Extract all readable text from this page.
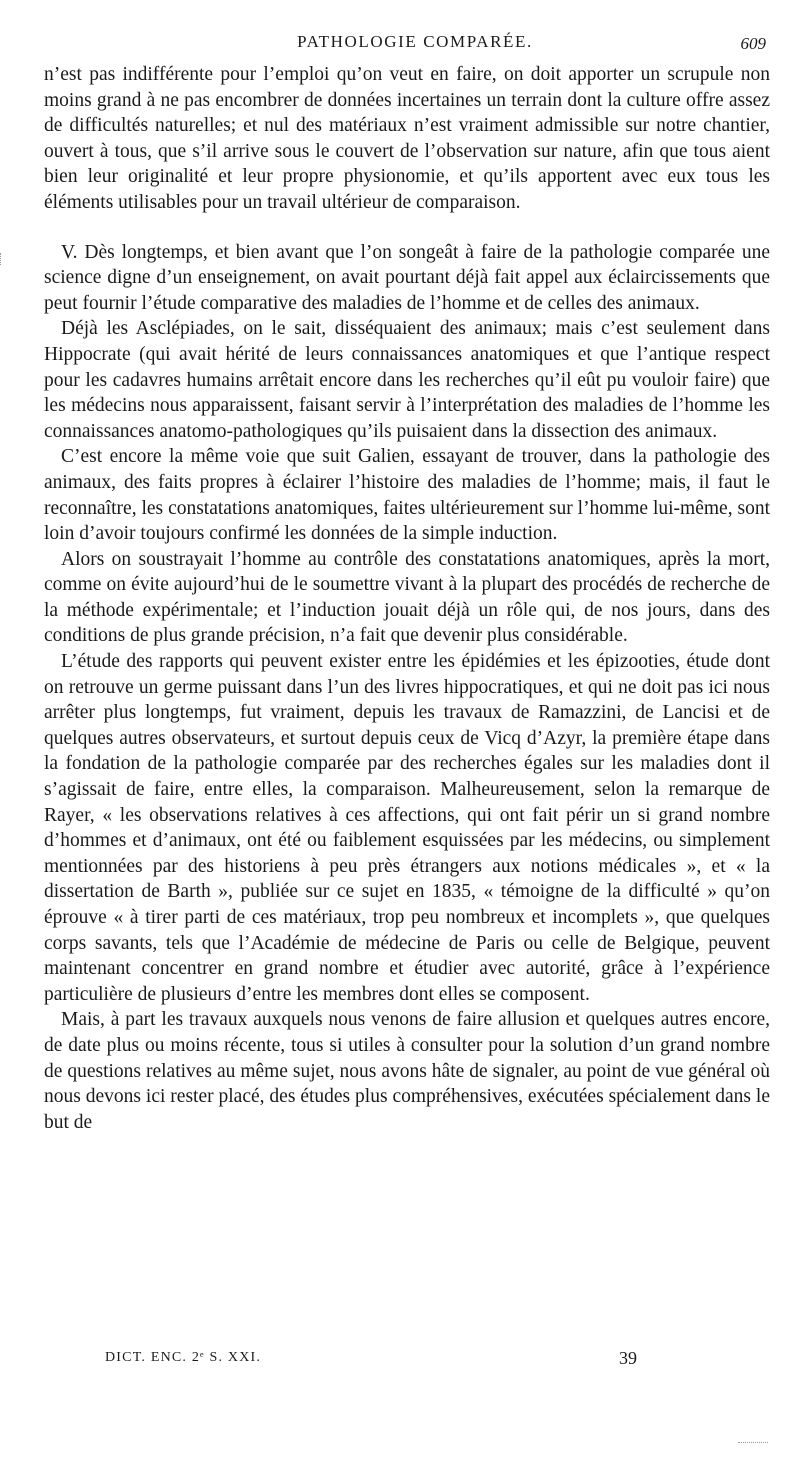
PATHOLOGIE COMPARÉE.	609

n’est pas indifférente pour l’emploi qu’on veut en faire, on doit apporter un scrupule non moins grand à ne pas encombrer de données incertaines un terrain dont la culture offre assez de difficultés naturelles; et nul des matériaux n’est vraiment admissible sur notre chantier, ouvert à tous, que s’il arrive sous le couvert de l’observation sur nature, afin que tous aient bien leur originalité et leur propre physionomie, et qu’ils apportent avec eux tous les éléments utilisables pour un travail ultérieur de comparaison.

V. Dès longtemps, et bien avant que l’on songeât à faire de la pathologie comparée une science digne d’un enseignement, on avait pourtant déjà fait appel aux éclaircissements que peut fournir l’étude comparative des maladies de l’homme et de celles des animaux.

Déjà les Asclépiades, on le sait, disséquaient des animaux; mais c’est seulement dans Hippocrate (qui avait hérité de leurs connaissances anatomiques et que l’antique respect pour les cadavres humains arrêtait encore dans les recherches qu’il eût pu vouloir faire) que les médecins nous apparaissent, faisant servir à l’interprétation des maladies de l’homme les connaissances anatomo-pathologiques qu’ils puisaient dans la dissection des animaux.

C’est encore la même voie que suit Galien, essayant de trouver, dans la pathologie des animaux, des faits propres à éclairer l’histoire des maladies de l’homme; mais, il faut le reconnaître, les constatations anatomiques, faites ultérieurement sur l’homme lui-même, sont loin d’avoir toujours confirmé les données de la simple induction.

Alors on soustrayait l’homme au contrôle des constatations anatomiques, après la mort, comme on évite aujourd’hui de le soumettre vivant à la plupart des procédés de recherche de la méthode expérimentale; et l’induction jouait déjà un rôle qui, de nos jours, dans des conditions de plus grande précision, n’a fait que devenir plus considérable.

L’étude des rapports qui peuvent exister entre les épidémies et les épizooties, étude dont on retrouve un germe puissant dans l’un des livres hippocratiques, et qui ne doit pas ici nous arrêter plus longtemps, fut vraiment, depuis les travaux de Ramazzini, de Lancisi et de quelques autres observateurs, et surtout depuis ceux de Vicq d’Azyr, la première étape dans la fondation de la pathologie comparée par des recherches égales sur les maladies dont il s’agissait de faire, entre elles, la comparaison. Malheureusement, selon la remarque de Rayer, « les observations relatives à ces affections, qui ont fait périr un si grand nombre d’hommes et d’animaux, ont été ou faiblement esquissées par les médecins, ou simplement mentionnées par des historiens à peu près étrangers aux notions médicales », et « la dissertation de Barth », publiée sur ce sujet en 1835, « témoigne de la difficulté » qu’on éprouve « à tirer parti de ces matériaux, trop peu nombreux et incomplets », que quelques corps savants, tels que l’Académie de médecine de Paris ou celle de Belgique, peuvent maintenant concentrer en grand nombre et étudier avec autorité, grâce à l’expérience particulière de plusieurs d’entre les membres dont elles se composent.

Mais, à part les travaux auxquels nous venons de faire allusion et quelques autres encore, de date plus ou moins récente, tous si utiles à consulter pour la solution d’un grand nombre de questions relatives au même sujet, nous avons hâte de signaler, au point de vue général où nous devons ici rester placé, des études plus compréhensives, exécutées spécialement dans le but de

DICT. ENC. 2ᵉ S. XXI.	39
